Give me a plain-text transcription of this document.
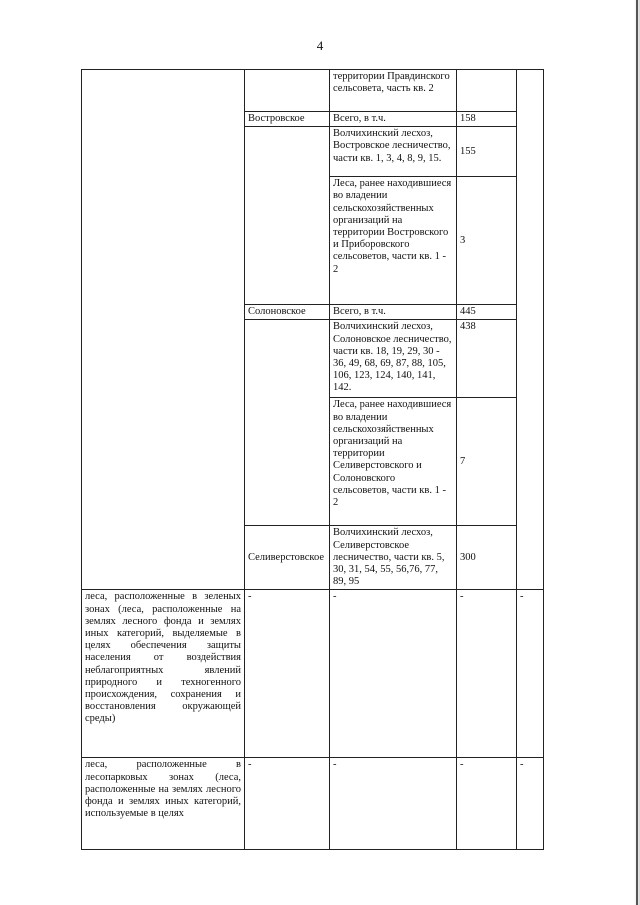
4
		территории Правдинского сельсовета, часть кв. 2		
	Востровское	Всего, в т.ч.	158	
		Волчихинский лесхоз, Востровское лесничество, части кв. 1, 3, 4, 8, 9, 15.	155	
		Леса, ранее находившиеся во владении сельскохозяйственных организаций на территории Востровского и Приборовского сельсоветов, части кв. 1 - 2	3	
	Солоновское	Всего, в т.ч.	445	
		Волчихинский лесхоз, Солоновское лесничество, части кв. 18, 19, 29, 30 - 36, 49, 68, 69, 87, 88, 105, 106, 123, 124, 140, 141, 142.	438	
		Леса, ранее находившиеся во владении сельскохозяйственных организаций на территории Селиверстовского и Солоновского сельсоветов, части кв. 1 - 2	7	
	Селиверстовское	Волчихинский лесхоз, Селиверстовское лесничество, части кв. 5, 30, 31, 54, 55, 56,76, 77, 89, 95	300	
леса, расположенные в зеленых зонах (леса, расположенные на землях лесного фонда и землях иных категорий, выделяемые в целях обеспечения защиты населения от воздействия неблагоприятных явлений природного и техногенного происхождения, сохранения и восстановления окружающей среды)	-	-	-	-
леса, расположенные в лесопарковых зонах (леса, расположенные на землях лесного фонда и землях иных категорий, используемые в целях	-	-	-	-
